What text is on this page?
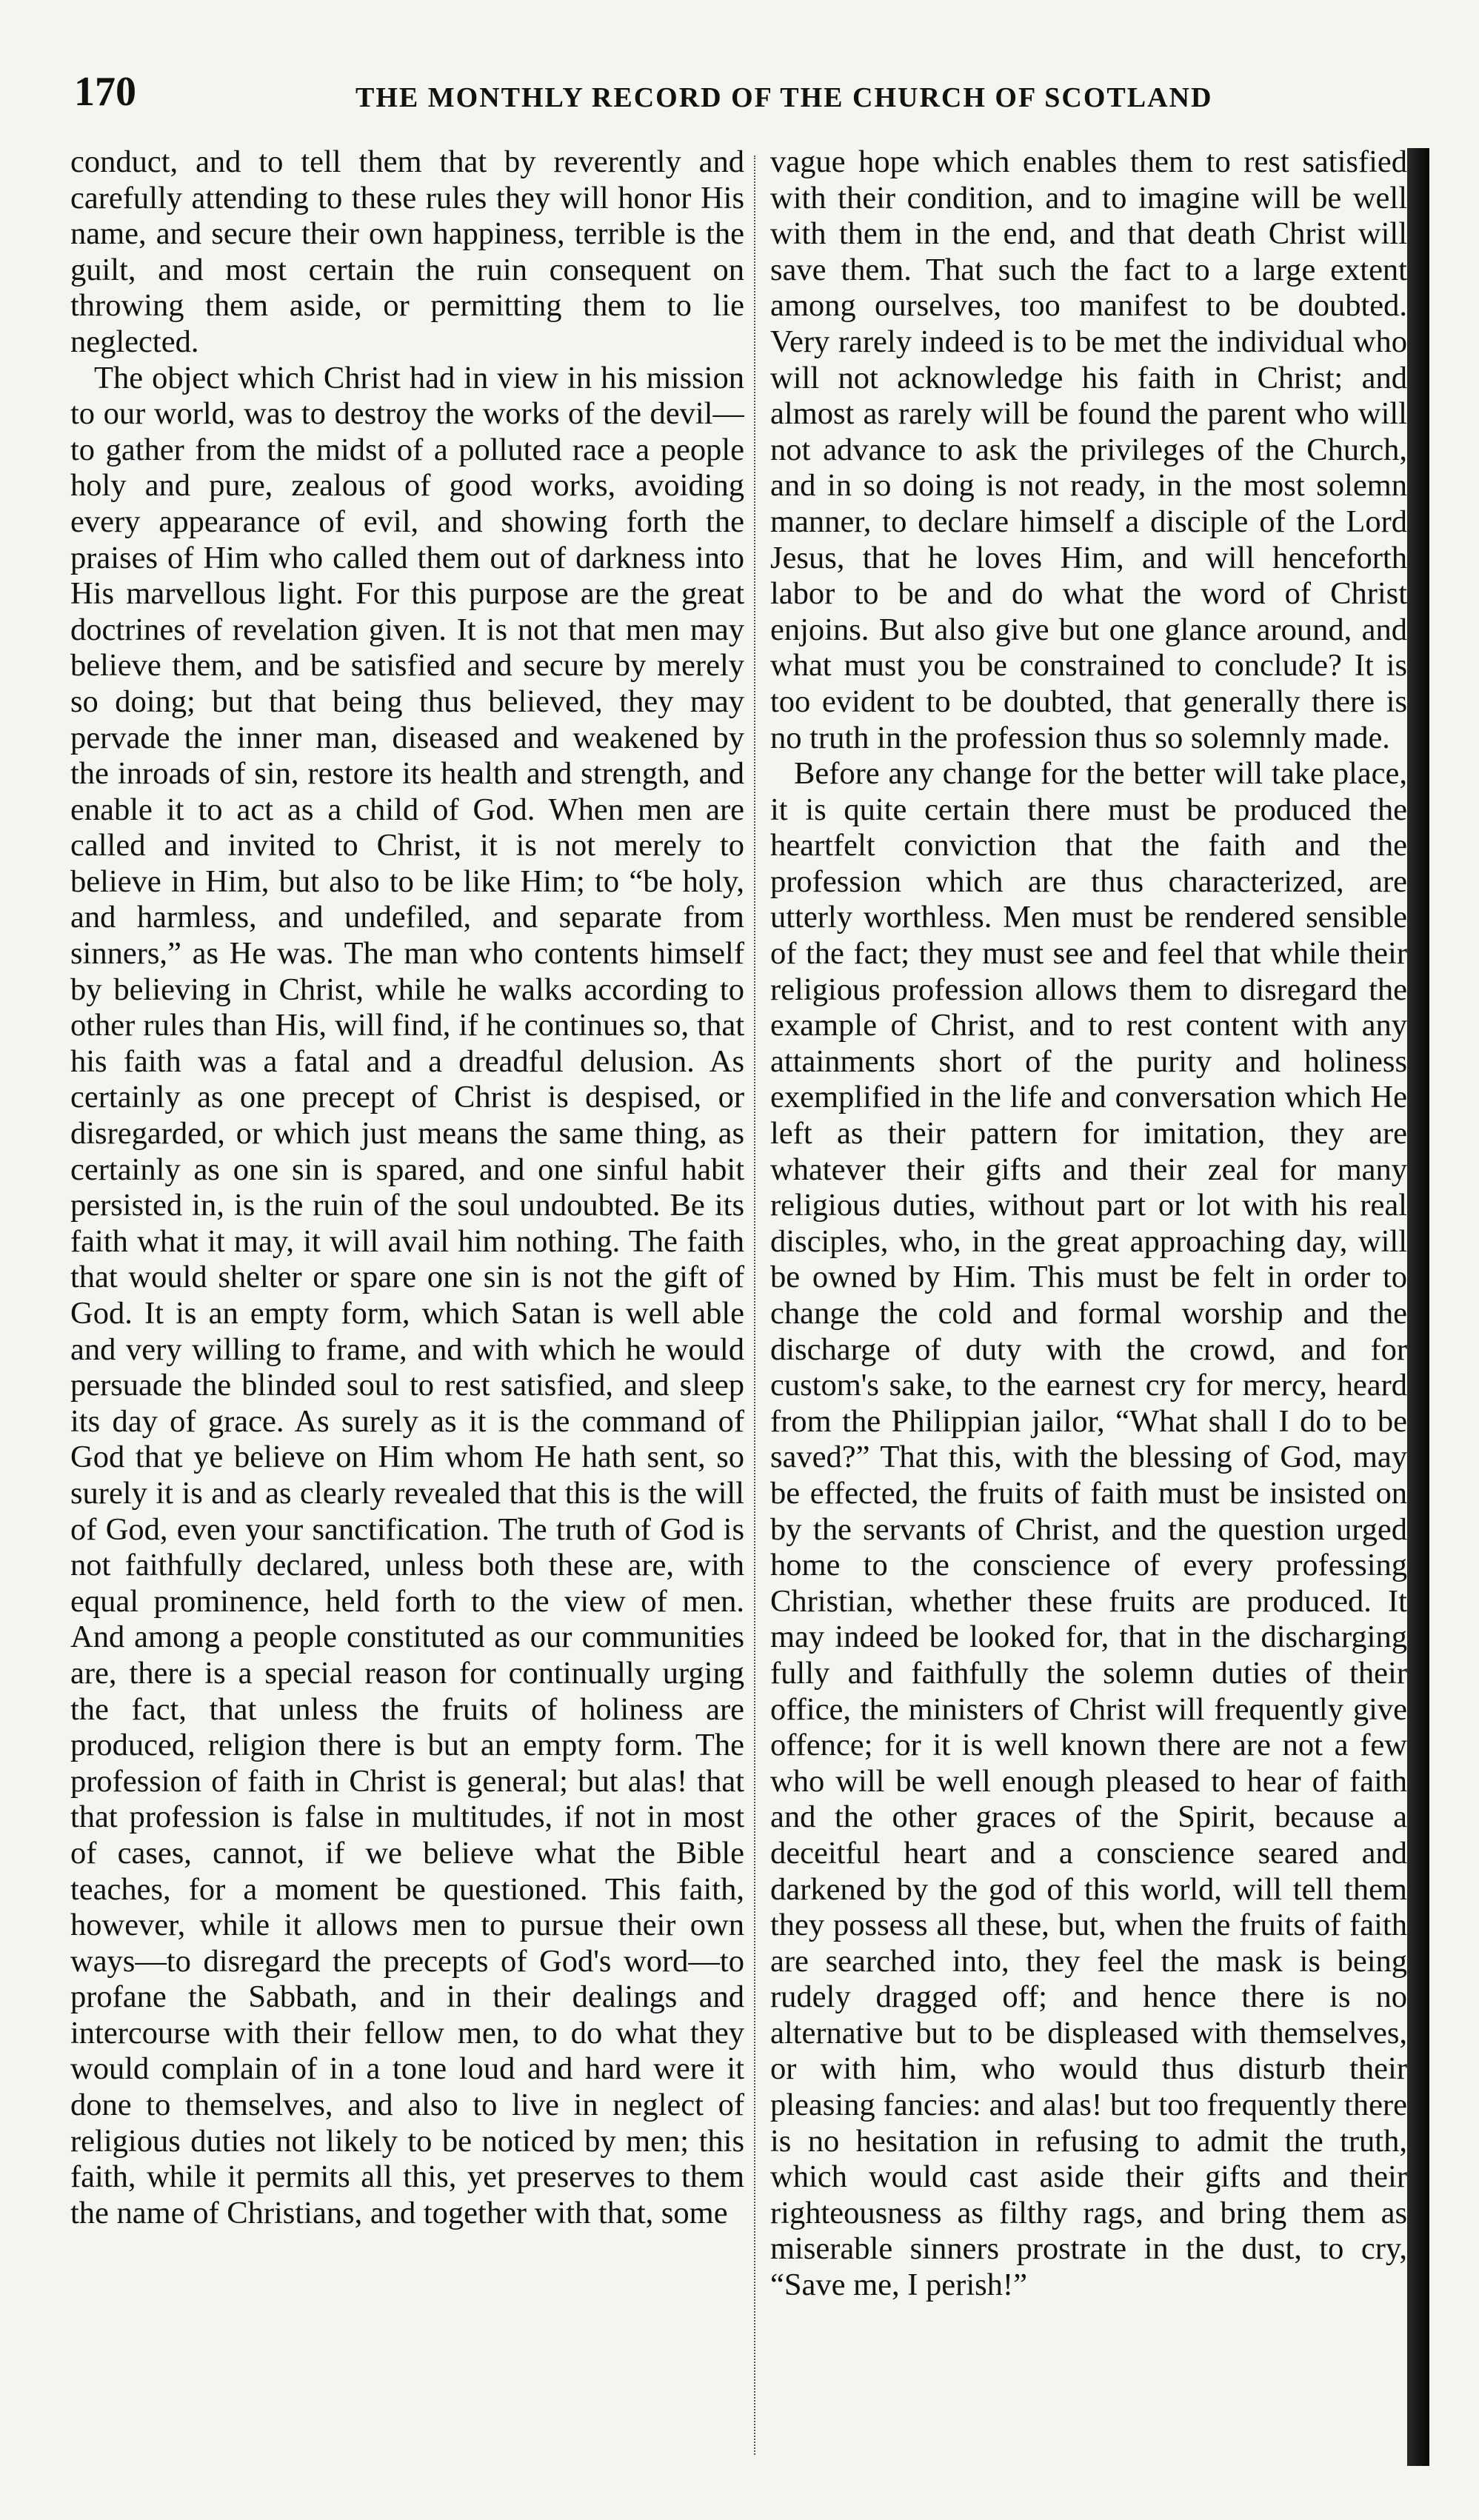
170	THE MONTHLY RECORD OF THE CHURCH OF SCOTLAND

conduct, and to tell them that by reverently and carefully attending to these rules they will honor His name, and secure their own happiness, terrible is the guilt, and most certain the ruin consequent on throwing them aside, or permitting them to lie neglected.

The object which Christ had in view in his mission to our world, was to destroy the works of the devil—to gather from the midst of a polluted race a people holy and pure, zealous of good works, avoiding every appearance of evil, and showing forth the praises of Him who called them out of darkness into His marvellous light. For this purpose are the great doctrines of revelation given. It is not that men may believe them, and be satisfied and secure by merely so doing; but that being thus believed, they may pervade the inner man, diseased and weakened by the inroads of sin, restore its health and strength, and enable it to act as a child of God. When men are called and invited to Christ, it is not merely to believe in Him, but also to be like Him; to “be holy, and harmless, and undefiled, and separate from sinners,” as He was. The man who contents himself by believing in Christ, while he walks according to other rules than His, will find, if he continues so, that his faith was a fatal and a dreadful delusion. As certainly as one precept of Christ is despised, or disregarded, or which just means the same thing, as certainly as one sin is spared, and one sinful habit persisted in, is the ruin of the soul undoubted. Be its faith what it may, it will avail him nothing. The faith that would shelter or spare one sin is not the gift of God. It is an empty form, which Satan is well able and very willing to frame, and with which he would persuade the blinded soul to rest satisfied, and sleep its day of grace. As surely as it is the command of God that ye believe on Him whom He hath sent, so surely it is and as clearly revealed that this is the will of God, even your sanctification. The truth of God is not faithfully declared, unless both these are, with equal prominence, held forth to the view of men. And among a people constituted as our communities are, there is a special reason for continually urging the fact, that unless the fruits of holiness are produced, religion there is but an empty form. The profession of faith in Christ is general; but alas! that that profession is false in multitudes, if not in most of cases, cannot, if we believe what the Bible teaches, for a moment be questioned. This faith, however, while it allows men to pursue their own ways—to disregard the precepts of God's word—to profane the Sabbath, and in their dealings and intercourse with their fellow men, to do what they would complain of in a tone loud and hard were it done to themselves, and also to live in neglect of religious duties not likely to be noticed by men; this faith, while it permits all this, yet preserves to them the name of Christians, and together with that, some

vague hope which enables them to rest satisfied with their condition, and to imagine will be well with them in the end, and that death Christ will save them. That such the fact to a large extent among ourselves, too manifest to be doubted. Very rarely indeed is to be met the individual who will not acknowledge his faith in Christ; and almost as rarely will be found the parent who will not advance to ask the privileges of the Church, and in so doing is not ready, in the most solemn manner, to declare himself a disciple of the Lord Jesus, that he loves Him, and will henceforth labor to be and do what the word of Christ enjoins. But also give but one glance around, and what must you be constrained to conclude? It is too evident to be doubted, that generally there is no truth in the profession thus so solemnly made.

Before any change for the better will take place, it is quite certain there must be produced the heartfelt conviction that the faith and the profession which are thus characterized, are utterly worthless. Men must be rendered sensible of the fact; they must see and feel that while their religious profession allows them to disregard the example of Christ, and to rest content with any attainments short of the purity and holiness exemplified in the life and conversation which He left as their pattern for imitation, they are whatever their gifts and their zeal for many religious duties, without part or lot with his real disciples, who, in the great approaching day, will be owned by Him. This must be felt in order to change the cold and formal worship and the discharge of duty with the crowd, and for custom's sake, to the earnest cry for mercy, heard from the Philippian jailor, “What shall I do to be saved?” That this, with the blessing of God, may be effected, the fruits of faith must be insisted on by the servants of Christ, and the question urged home to the conscience of every professing Christian, whether these fruits are produced. It may indeed be looked for, that in the discharging fully and faithfully the solemn duties of their office, the ministers of Christ will frequently give offence; for it is well known there are not a few who will be well enough pleased to hear of faith and the other graces of the Spirit, because a deceitful heart and a conscience seared and darkened by the god of this world, will tell them they possess all these, but, when the fruits of faith are searched into, they feel the mask is being rudely dragged off; and hence there is no alternative but to be displeased with themselves, or with him, who would thus disturb their pleasing fancies: and alas! but too frequently there is no hesitation in refusing to admit the truth, which would cast aside their gifts and their righteousness as filthy rags, and bring them as miserable sinners prostrate in the dust, to cry, “Save me, I perish!”
